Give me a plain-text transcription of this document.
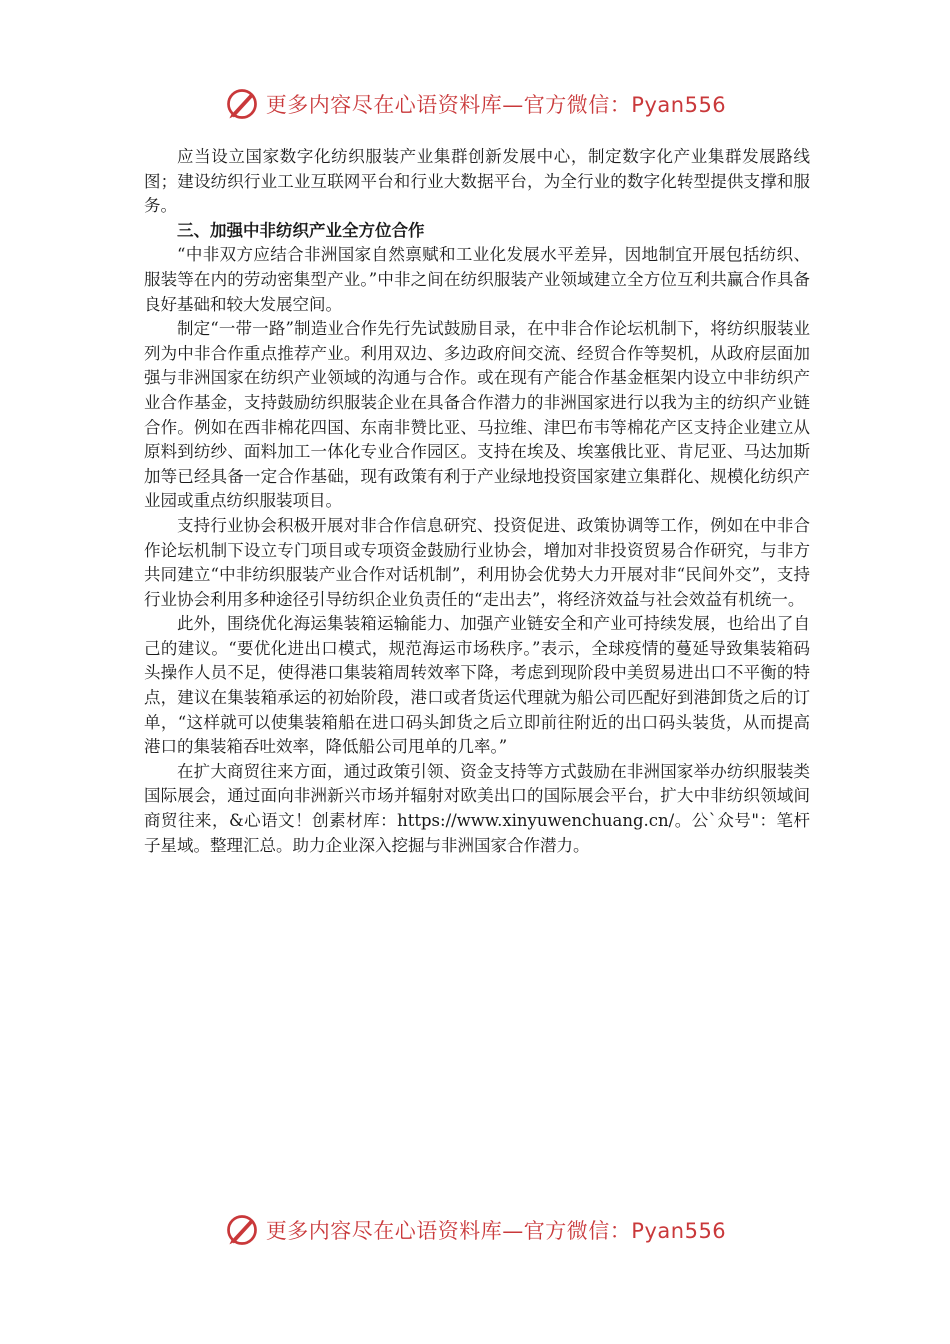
更多内容尽在心语资料库—官方微信：Pyan556

应当设立国家数字化纺织服装产业集群创新发展中心，制定数字化产业集群发展路线图；建设纺织行业工业互联网平台和行业大数据平台，为全行业的数字化转型提供支撑和服务。

三、加强中非纺织产业全方位合作

“中非双方应结合非洲国家自然禀赋和工业化发展水平差异，因地制宜开展包括纺织、服装等在内的劳动密集型产业。”中非之间在纺织服装产业领域建立全方位互利共赢合作具备良好基础和较大发展空间。

制定“一带一路”制造业合作先行先试鼓励目录，在中非合作论坛机制下，将纺织服装业列为中非合作重点推荐产业。利用双边、多边政府间交流、经贸合作等契机，从政府层面加强与非洲国家在纺织产业领域的沟通与合作。或在现有产能合作基金框架内设立中非纺织产业合作基金，支持鼓励纺织服装企业在具备合作潜力的非洲国家进行以我为主的纺织产业链合作。例如在西非棉花四国、东南非赞比亚、马拉维、津巴布韦等棉花产区支持企业建立从原料到纺纱、面料加工一体化专业合作园区。支持在埃及、埃塞俄比亚、肯尼亚、马达加斯加等已经具备一定合作基础，现有政策有利于产业绿地投资国家建立集群化、规模化纺织产业园或重点纺织服装项目。

支持行业协会积极开展对非合作信息研究、投资促进、政策协调等工作，例如在中非合作论坛机制下设立专门项目或专项资金鼓励行业协会，增加对非投资贸易合作研究，与非方共同建立“中非纺织服装产业合作对话机制”，利用协会优势大力开展对非“民间外交”，支持行业协会利用多种途径引导纺织企业负责任的“走出去”，将经济效益与社会效益有机统一。

此外，围绕优化海运集装箱运输能力、加强产业链安全和产业可持续发展，也给出了自己的建议。“要优化进出口模式，规范海运市场秩序。”表示，全球疫情的蔓延导致集装箱码头操作人员不足，使得港口集装箱周转效率下降，考虑到现阶段中美贸易进出口不平衡的特点，建议在集装箱承运的初始阶段，港口或者货运代理就为船公司匹配好到港卸货之后的订单，“这样就可以使集装箱船在进口码头卸货之后立即前往附近的出口码头装货，从而提高港口的集装箱吞吐效率，降低船公司甩单的几率。”

在扩大商贸往来方面，通过政策引领、资金支持等方式鼓励在非洲国家举办纺织服装类国际展会，通过面向非洲新兴市场并辐射对欧美出口的国际展会平台，扩大中非纺织领域间商贸往来，&心语文！创素材库：https://www.xinyuwenchuang.cn/。公`众号"：笔杆子星域。整理汇总。助力企业深入挖掘与非洲国家合作潜力。

更多内容尽在心语资料库—官方微信：Pyan556
